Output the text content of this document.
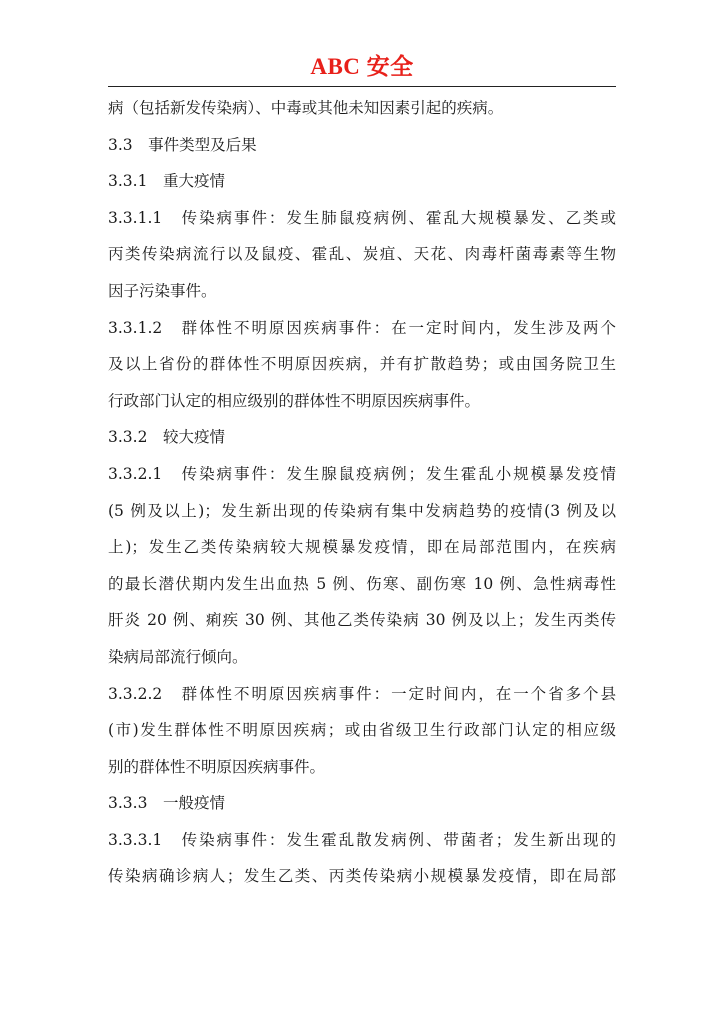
ABC 安全
病（包括新发传染病）、中毒或其他未知因素引起的疾病。
3.3　事件类型及后果
3.3.1　重大疫情
3.3.1.1　传染病事件：发生肺鼠疫病例、霍乱大规模暴发、乙类或
丙类传染病流行以及鼠疫、霍乱、炭疽、天花、肉毒杆菌毒素等生物
因子污染事件。
3.3.1.2　群体性不明原因疾病事件：在一定时间内，发生涉及两个
及以上省份的群体性不明原因疾病，并有扩散趋势；或由国务院卫生
行政部门认定的相应级别的群体性不明原因疾病事件。
3.3.2　较大疫情
3.3.2.1　传染病事件：发生腺鼠疫病例；发生霍乱小规模暴发疫情
(5 例及以上)；发生新出现的传染病有集中发病趋势的疫情(3 例及以
上)；发生乙类传染病较大规模暴发疫情，即在局部范围内，在疾病
的最长潜伏期内发生出血热 5 例、伤寒、副伤寒 10 例、急性病毒性
肝炎 20 例、痢疾 30 例、其他乙类传染病 30 例及以上；发生丙类传
染病局部流行倾向。
3.3.2.2　群体性不明原因疾病事件：一定时间内，在一个省多个县
(市)发生群体性不明原因疾病；或由省级卫生行政部门认定的相应级
别的群体性不明原因疾病事件。
3.3.3　一般疫情
3.3.3.1　传染病事件：发生霍乱散发病例、带菌者；发生新出现的
传染病确诊病人；发生乙类、丙类传染病小规模暴发疫情，即在局部
